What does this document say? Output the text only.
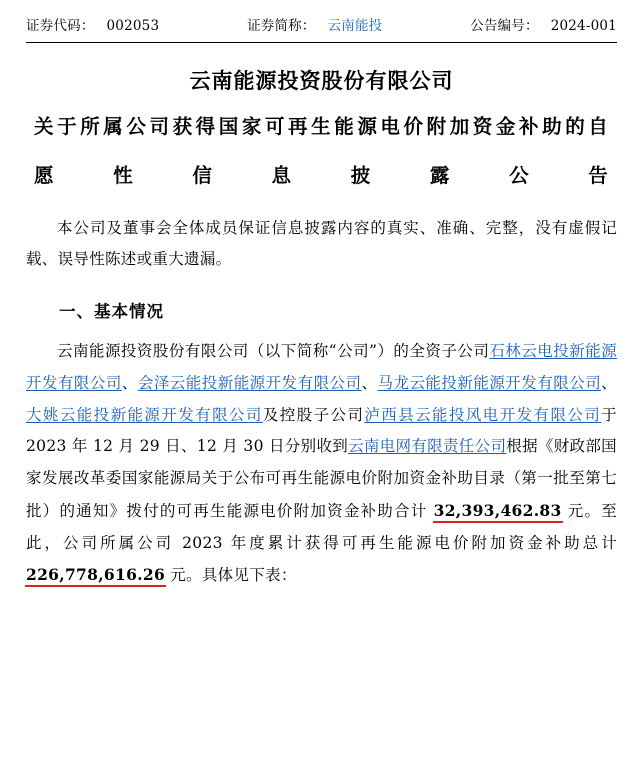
证券代码： 002053	证券简称： 云南能投	公告编号： 2024-001
云南能源投资股份有限公司
关于所属公司获得国家可再生能源电价附加资金补助的自
愿性信息披露公告
本公司及董事会全体成员保证信息披露内容的真实、准确、完整，没有虚假记载、误导性陈述或重大遗漏。
一、基本情况
云南能源投资股份有限公司（以下简称“公司”）的全资子公司石林云电投新能源开发有限公司、会泽云能投新能源开发有限公司、马龙云能投新能源开发有限公司、大姚云能投新能源开发有限公司及控股子公司泸西县云能投风电开发有限公司于 2023 年 12 月 29 日、12 月 30 日分别收到云南电网有限责任公司根据《财政部国家发展改革委国家能源局关于公布可再生能源电价附加资金补助目录（第一批至第七批）的通知》拨付的可再生能源电价附加资金补助合计 32,393,462.83 元。至此，公司所属公司 2023 年度累计获得可再生能源电价附加资金补助总计 226,778,616.26 元。具体见下表：
